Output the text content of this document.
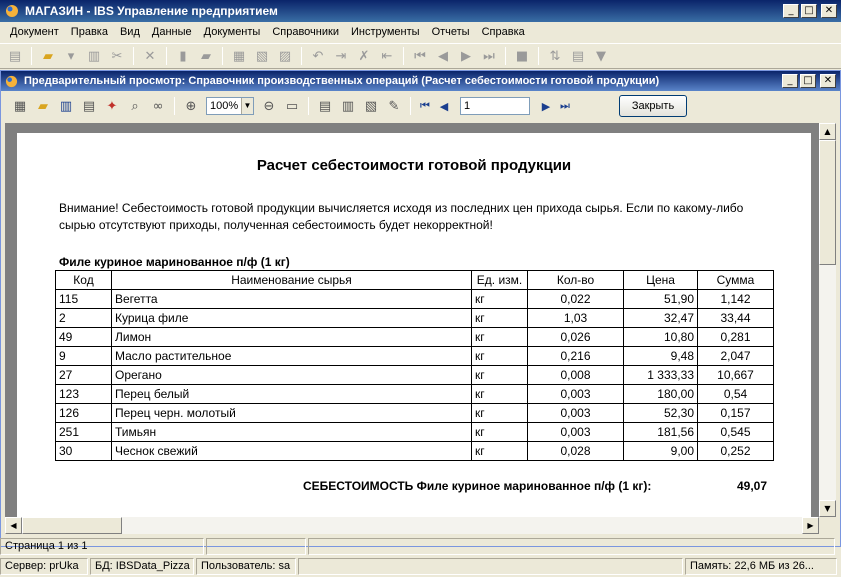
МАГАЗИН - IBS Управление предприятием	_	□	✕
Документ	Правка	Вид	Данные	Документы	Справочники	Инструменты	Отчеты	Справка
▤	▰	▾	▥ ✂	✕	▮	▰	▦ ▧ ▨	↶ ⇥ ✗ ⇤	⏮ ◀	▶ ⏭	■	⇅ ▤ ▼
Предварительный просмотр: Справочник производственных операций (Расчет себестоимости готовой продукции)	_	□	✕
▦ ▰ ▥ ▤ ✦	⌕	∞	⊕	100% ▼ ⊖ ▭	▤ ▥ ▧ ✎	⏮ ◀	1	▶ ⏭	Закрыть
Расчет себестоимости готовой продукции
Внимание! Себестоимость готовой продукции вычисляется исходя из последних цен прихода сырья. Если по какому-либо сырью отсутствуют приходы, полученная себестоимость будет некорректной!
Филе куриное маринованное п/ф (1 кг)
Код	Наименование сырья	Ед. изм.	Кол-во	Цена	Сумма
115	Вегетта	кг	0,022	51,90	1,142
2	Курица филе	кг	1,03	32,47	33,44
49	Лимон	кг	0,026	10,80	0,281
9	Масло растительное	кг	0,216	9,48	2,047
27	Орегано	кг	0,008	1 333,33	10,667
123	Перец белый	кг	0,003	180,00	0,54
126	Перец черн. молотый	кг	0,003	52,30	0,157
251	Тимьян	кг	0,003	181,56	0,545
30	Чеснок свежий	кг	0,028	9,00	0,252
СЕБЕСТОИМОСТЬ Филе куриное маринованное п/ф (1 кг):	49,07
▲
▼
◀	▶
Страница 1 из 1
Сервер: prUka	БД: IBSData_Pizza	Пользователь: sa	Память: 22,6 МБ из 26...
